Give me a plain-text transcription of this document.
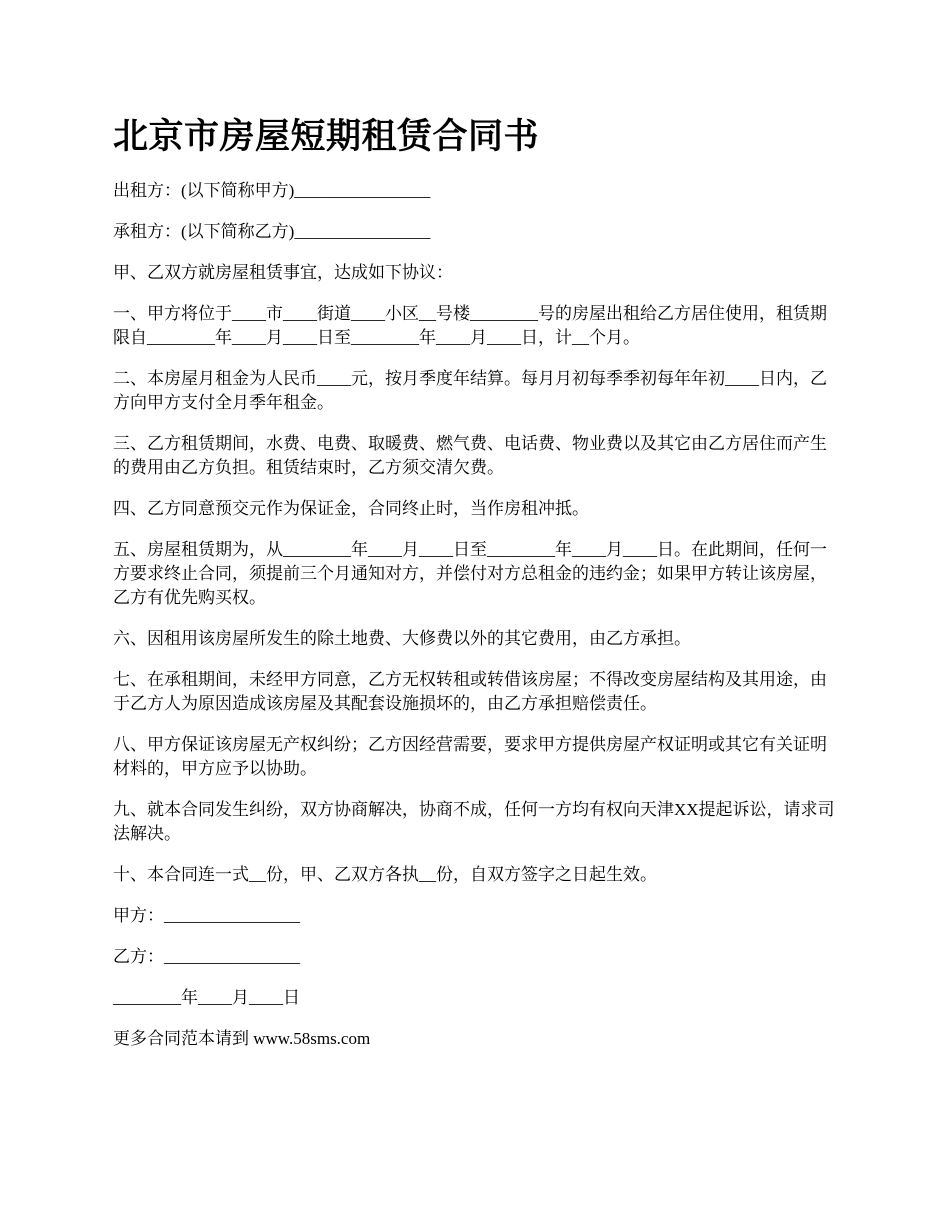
北京市房屋短期租赁合同书

出租方：(以下简称甲方)________________

承租方：(以下简称乙方)________________

甲、乙双方就房屋租赁事宜，达成如下协议：

一、甲方将位于____市____街道____小区__号楼________号的房屋出租给乙方居住使用，租赁期限自________年____月____日至________年____月____日，计__个月。

二、本房屋月租金为人民币____元，按月季度年结算。每月月初每季季初每年年初____日内，乙方向甲方支付全月季年租金。

三、乙方租赁期间，水费、电费、取暖费、燃气费、电话费、物业费以及其它由乙方居住而产生的费用由乙方负担。租赁结束时，乙方须交清欠费。

四、乙方同意预交元作为保证金，合同终止时，当作房租冲抵。

五、房屋租赁期为，从________年____月____日至________年____月____日。在此期间，任何一方要求终止合同，须提前三个月通知对方，并偿付对方总租金的违约金；如果甲方转让该房屋，乙方有优先购买权。

六、因租用该房屋所发生的除土地费、大修费以外的其它费用，由乙方承担。

七、在承租期间，未经甲方同意，乙方无权转租或转借该房屋；不得改变房屋结构及其用途，由于乙方人为原因造成该房屋及其配套设施损坏的，由乙方承担赔偿责任。

八、甲方保证该房屋无产权纠纷；乙方因经营需要，要求甲方提供房屋产权证明或其它有关证明材料的，甲方应予以协助。

九、就本合同发生纠纷，双方协商解决，协商不成，任何一方均有权向天津XX提起诉讼，请求司法解决。

十、本合同连一式__份，甲、乙双方各执__份，自双方签字之日起生效。

甲方：________________

乙方：________________

________年____月____日

更多合同范本请到 www.58sms.com
